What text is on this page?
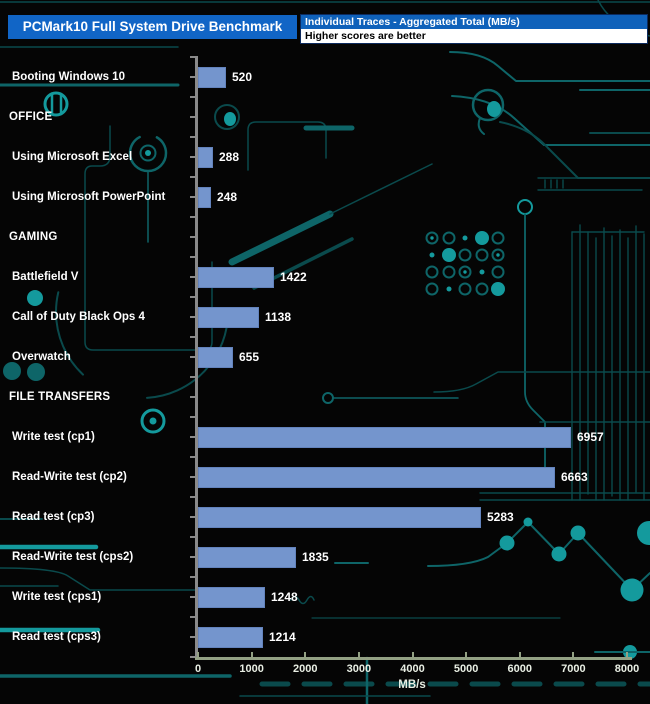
Booting Windows 10	520
OFFICE
Using Microsoft Excel	288
Using Microsoft PowerPoint	248
GAMING
Battlefield V	1422
Call of Duty Black Ops 4	1138
Overwatch	655
FILE TRANSFERS
Write test (cp1)	6957
Read-Write test (cp2)	6663
Read test (cp3)	5283
Read-Write test (cps2)	1835
Write test (cps1)	1248
Read test (cps3)	1214
0	1000	2000	3000	4000	5000	6000	7000	8000
MB/s
PCMark10 Full System Drive Benchmark	Individual Traces - Aggregated Total (MB/s)
Higher scores are better
